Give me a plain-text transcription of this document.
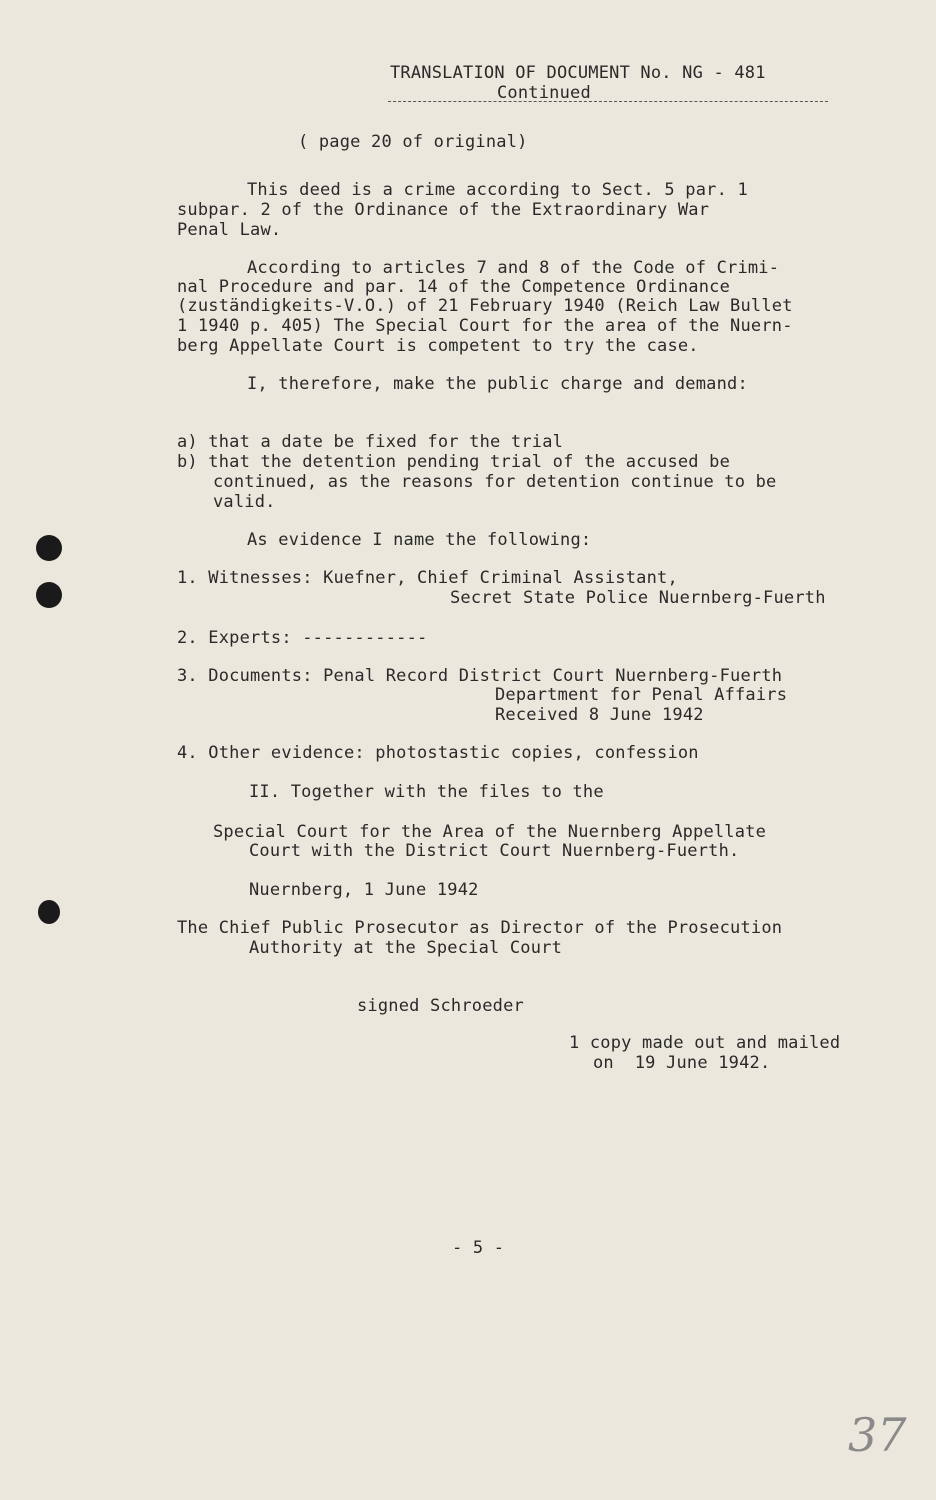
TRANSLATION OF DOCUMENT No. NG - 481
Continued
( page 20 of original)
This deed is a crime according to Sect. 5 par. 1
subpar. 2 of the Ordinance of the Extraordinary War
Penal Law.
According to articles 7 and 8 of the Code of Crimi-
nal Procedure and par. 14 of the Competence Ordinance
(zuständigkeits-V.O.) of 21 February 1940 (Reich Law Bullet
1 1940 p. 405) The Special Court for the area of the Nuern-
berg Appellate Court is competent to try the case.
I, therefore, make the public charge and demand:
a) that a date be fixed for the trial
b) that the detention pending trial of the accused be
continued, as the reasons for detention continue to be
valid.
As evidence I name the following:
1. Witnesses: Kuefner, Chief Criminal Assistant,
Secret State Police Nuernberg-Fuerth
2. Experts: ------------
3. Documents: Penal Record District Court Nuernberg-Fuerth
Department for Penal Affairs
Received 8 June 1942
4. Other evidence: photostastic copies, confession
II. Together with the files to the
Special Court for the Area of the Nuernberg Appellate
Court with the District Court Nuernberg-Fuerth.
Nuernberg, 1 June 1942
The Chief Public Prosecutor as Director of the Prosecution
Authority at the Special Court
signed Schroeder
1 copy made out and mailed
on  19 June 1942.
- 5 -
37
